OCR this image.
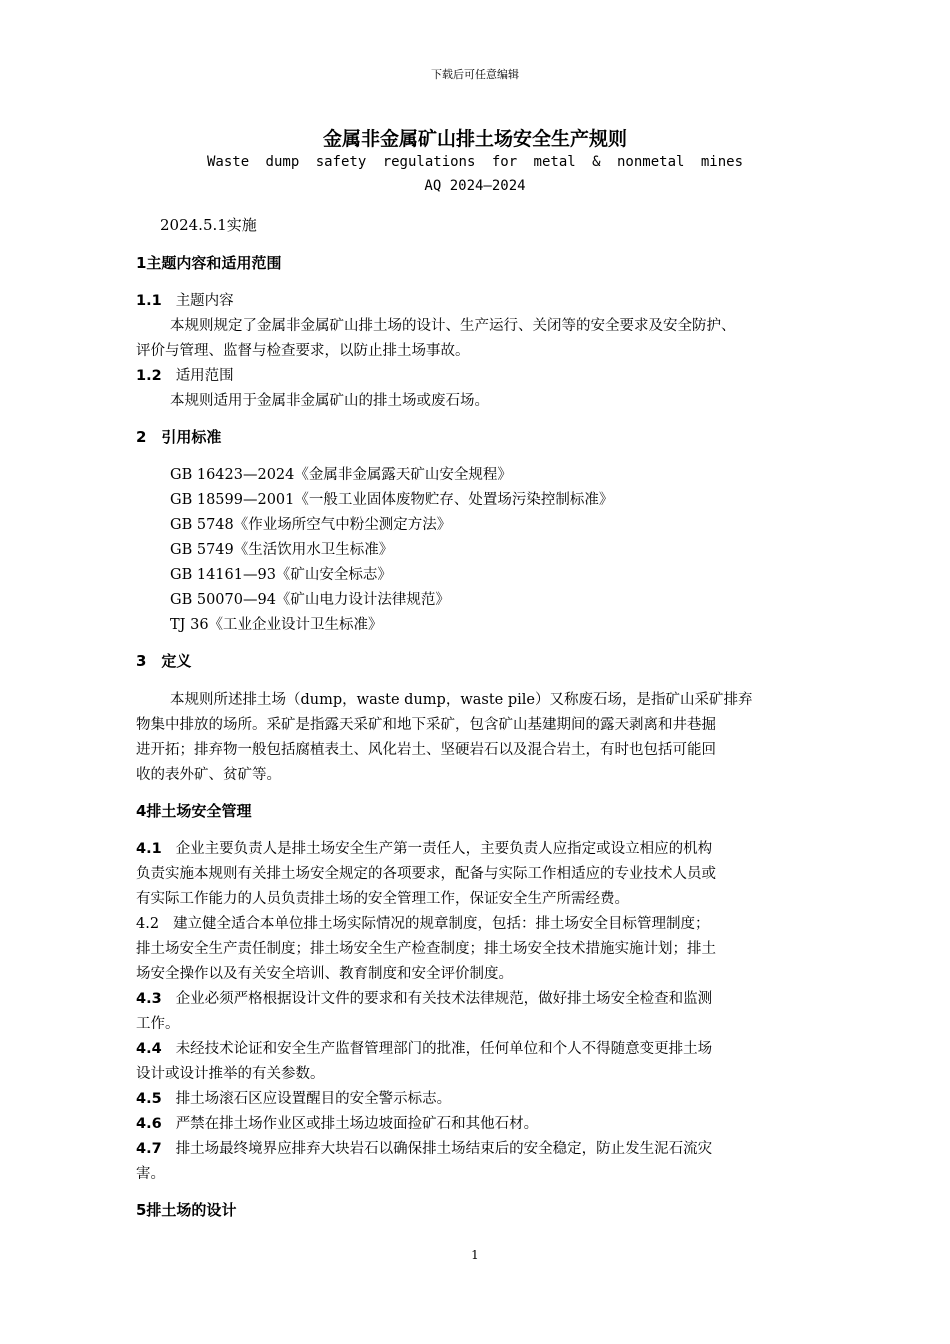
下载后可任意编辑
金属非金属矿山排土场安全生产规则
Waste dump safety regulations for metal & nonmetal mines
AQ 2024—2024
2024.5.1实施
1主题内容和适用范围
1.1 主题内容
本规则规定了金属非金属矿山排土场的设计、生产运行、关闭等的安全要求及安全防护、
评价与管理、监督与检查要求，以防止排土场事故。
1.2 适用范围
本规则适用于金属非金属矿山的排土场或废石场。
2　引用标准
GB 16423—2024《金属非金属露天矿山安全规程》
GB 18599—2001《一般工业固体废物贮存、处置场污染控制标准》
GB 5748《作业场所空气中粉尘测定方法》
GB 5749《生活饮用水卫生标准》
GB 14161—93《矿山安全标志》
GB 50070—94《矿山电力设计法律规范》
TJ 36《工业企业设计卫生标准》
3　定义
本规则所述排土场（dump，waste dump，waste pile）又称废石场，是指矿山采矿排弃
物集中排放的场所。采矿是指露天采矿和地下采矿，包含矿山基建期间的露天剥离和井巷掘
进开拓；排弃物一般包括腐植表土、风化岩土、坚硬岩石以及混合岩土，有时也包括可能回
收的表外矿、贫矿等。
4排土场安全管理
4.1 企业主要负责人是排土场安全生产第一责任人，主要负责人应指定或设立相应的机构
负责实施本规则有关排土场安全规定的各项要求，配备与实际工作相适应的专业技术人员或
有实际工作能力的人员负责排土场的安全管理工作，保证安全生产所需经费。
4.2 建立健全适合本单位排土场实际情况的规章制度，包括：排土场安全目标管理制度；
排土场安全生产责任制度；排土场安全生产检查制度；排土场安全技术措施实施计划；排土
场安全操作以及有关安全培训、教育制度和安全评价制度。
4.3 企业必须严格根据设计文件的要求和有关技术法律规范，做好排土场安全检查和监测
工作。
4.4 未经技术论证和安全生产监督管理部门的批准，任何单位和个人不得随意变更排土场
设计或设计推举的有关参数。
4.5 排土场滚石区应设置醒目的安全警示标志。
4.6 严禁在排土场作业区或排土场边坡面捡矿石和其他石材。
4.7 排土场最终境界应排弃大块岩石以确保排土场结束后的安全稳定，防止发生泥石流灾
害。
5排土场的设计
1
